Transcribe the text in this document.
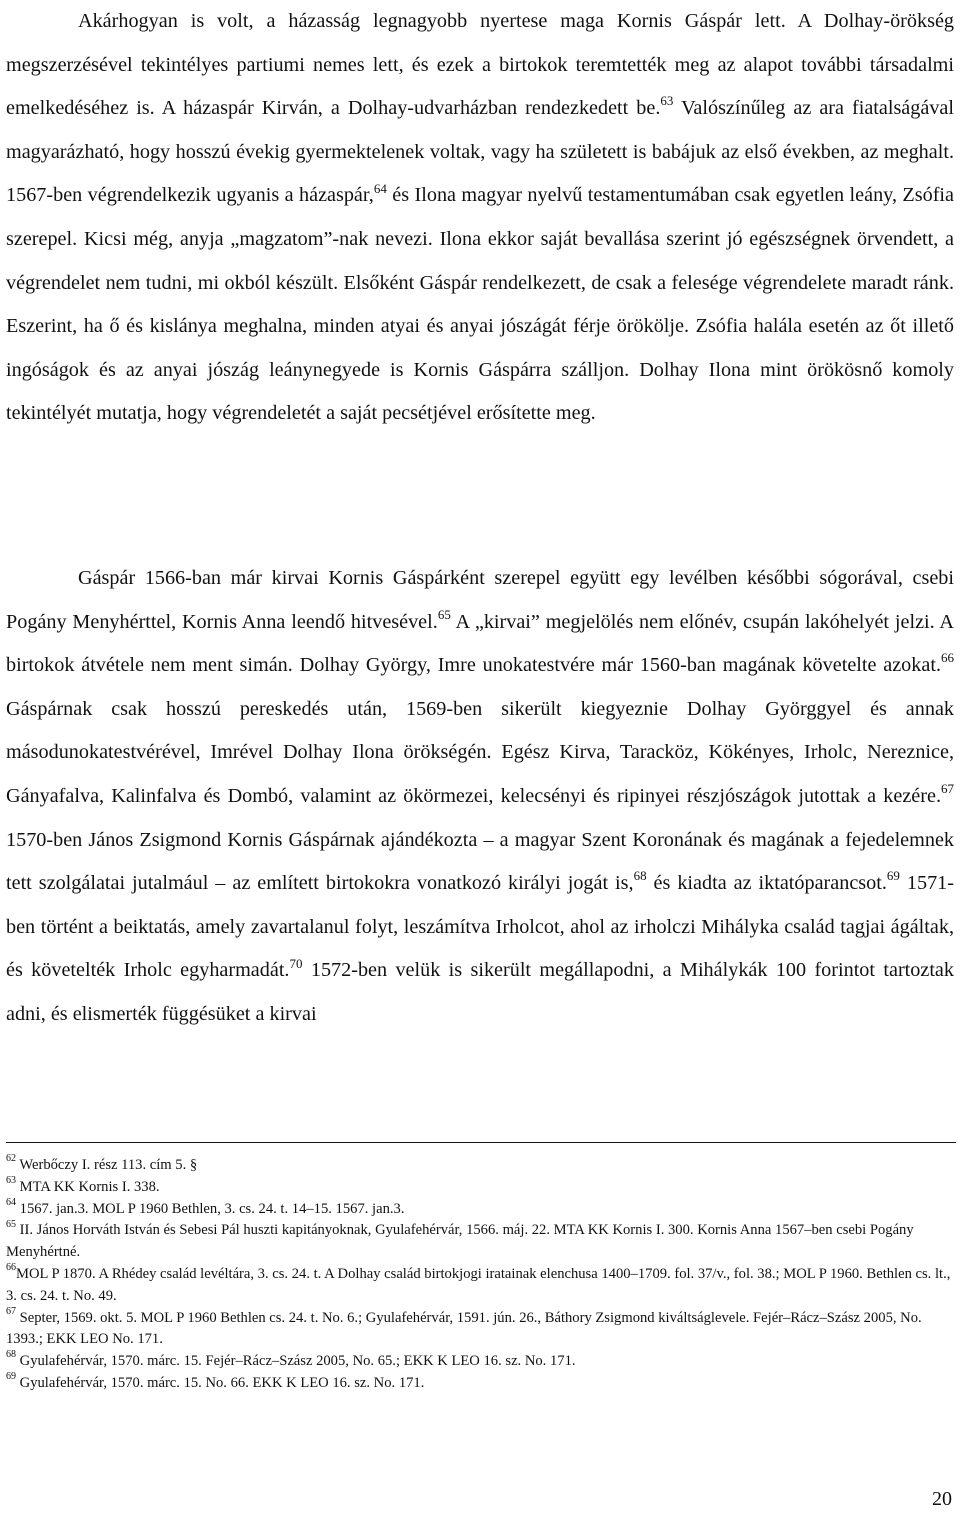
Akárhogyan is volt, a házasság legnagyobb nyertese maga Kornis Gáspár lett. A Dolhay-örökség megszerzésével tekintélyes partiumi nemes lett, és ezek a birtokok teremtették meg az alapot további társadalmi emelkedéséhez is. A házaspár Kirván, a Dolhay-udvarházban rendezkedett be.$^{63}$ Valószínűleg az ara fiatalságával magyarázható, hogy hosszú évekig gyermektelenek voltak, vagy ha született is babájuk az első években, az meghalt. 1567-ben végrendelkezik ugyanis a házaspár,$^{64}$ és Ilona magyar nyelvű testamentumában csak egyetlen leány, Zsófia szerepel. Kicsi még, anyja „magzatom”-nak nevezi. Ilona ekkor saját bevallása szerint jó egészségnek örvendett, a végrendelet nem tudni, mi okból készült. Elsőként Gáspár rendelkezett, de csak a felesége végrendelete maradt ránk. Eszerint, ha ő és kislánya meghalna, minden atyai és anyai jószágát férje örökölje. Zsófia halála esetén az őt illető ingóságok és az anyai jószág leánynegyede is Kornis Gáspárra szálljon. Dolhay Ilona mint örökösnő komoly tekintélyét mutatja, hogy végrendeletét a saját pecsétjével erősítette meg.

Gáspár 1566-ban már kirvai Kornis Gáspárként szerepel együtt egy levélben későbbi sógorával, csebi Pogány Menyhérttel, Kornis Anna leendő hitvesével.$^{65}$ A „kirvai” megjelölés nem előnév, csupán lakóhelyét jelzi. A birtokok átvétele nem ment simán. Dolhay György, Imre unokatestvére már 1560-ban magának követelte azokat.$^{66}$ Gáspárnak csak hosszú pereskedés után, 1569-ben sikerült kiegyeznie Dolhay Györggyel és annak másodunokatestvérével, Imrével Dolhay Ilona örökségén. Egész Kirva, Taracköz, Kökényes, Irholc, Nereznice, Gányafalva, Kalinfalva és Dombó, valamint az ökörmezei, kelecsényi és ripinyei részjószágok jutottak a kezére.$^{67}$ 1570-ben János Zsigmond Kornis Gáspárnak ajándékozta – a magyar Szent Koronának és magának a fejedelemnek tett szolgálatai jutalmául – az említett birtokokra vonatkozó királyi jogát is,$^{68}$ és kiadta az iktatóparancsot.$^{69}$ 1571-ben történt a beiktatás, amely zavartalanul folyt, leszámítva Irholcot, ahol az irholczi Mihályka család tagjai ágáltak, és követelték Irholc egyharmadát.$^{70}$ 1572-ben velük is sikerült megállapodni, a Mihálykák 100 forintot tartoztak adni, és elismerték függésüket a kirvai

$^{62}$ Werbőczy I. rész 113. cím 5. §

$^{63}$ MTA KK Kornis I. 338.

$^{64}$ 1567. jan.3. MOL P 1960 Bethlen, 3. cs. 24. t. 14–15. 1567. jan.3.

$^{65}$ II. János Horváth István és Sebesi Pál huszti kapitányoknak, Gyulafehérvár, 1566. máj. 22. MTA KK Kornis I. 300. Kornis Anna 1567–ben csebi Pogány Menyhértné.

$^{66}$MOL P 1870. A Rhédey család levéltára, 3. cs. 24. t. A Dolhay család birtokjogi iratainak elenchusa 1400–1709. fol. 37/v., fol. 38.; MOL P 1960. Bethlen cs. lt., 3. cs. 24. t. No. 49.

$^{67}$ Septer, 1569. okt. 5. MOL P 1960 Bethlen cs. 24. t. No. 6.; Gyulafehérvár, 1591. jún. 26., Báthory Zsigmond kiváltságlevele. Fejér–Rácz–Szász 2005, No. 1393.; EKK LEO No. 171.

$^{68}$ Gyulafehérvár, 1570. márc. 15. Fejér–Rácz–Szász 2005, No. 65.; EKK K LEO 16. sz. No. 171.

$^{69}$ Gyulafehérvár, 1570. márc. 15. No. 66. EKK K LEO 16. sz. No. 171.

20
